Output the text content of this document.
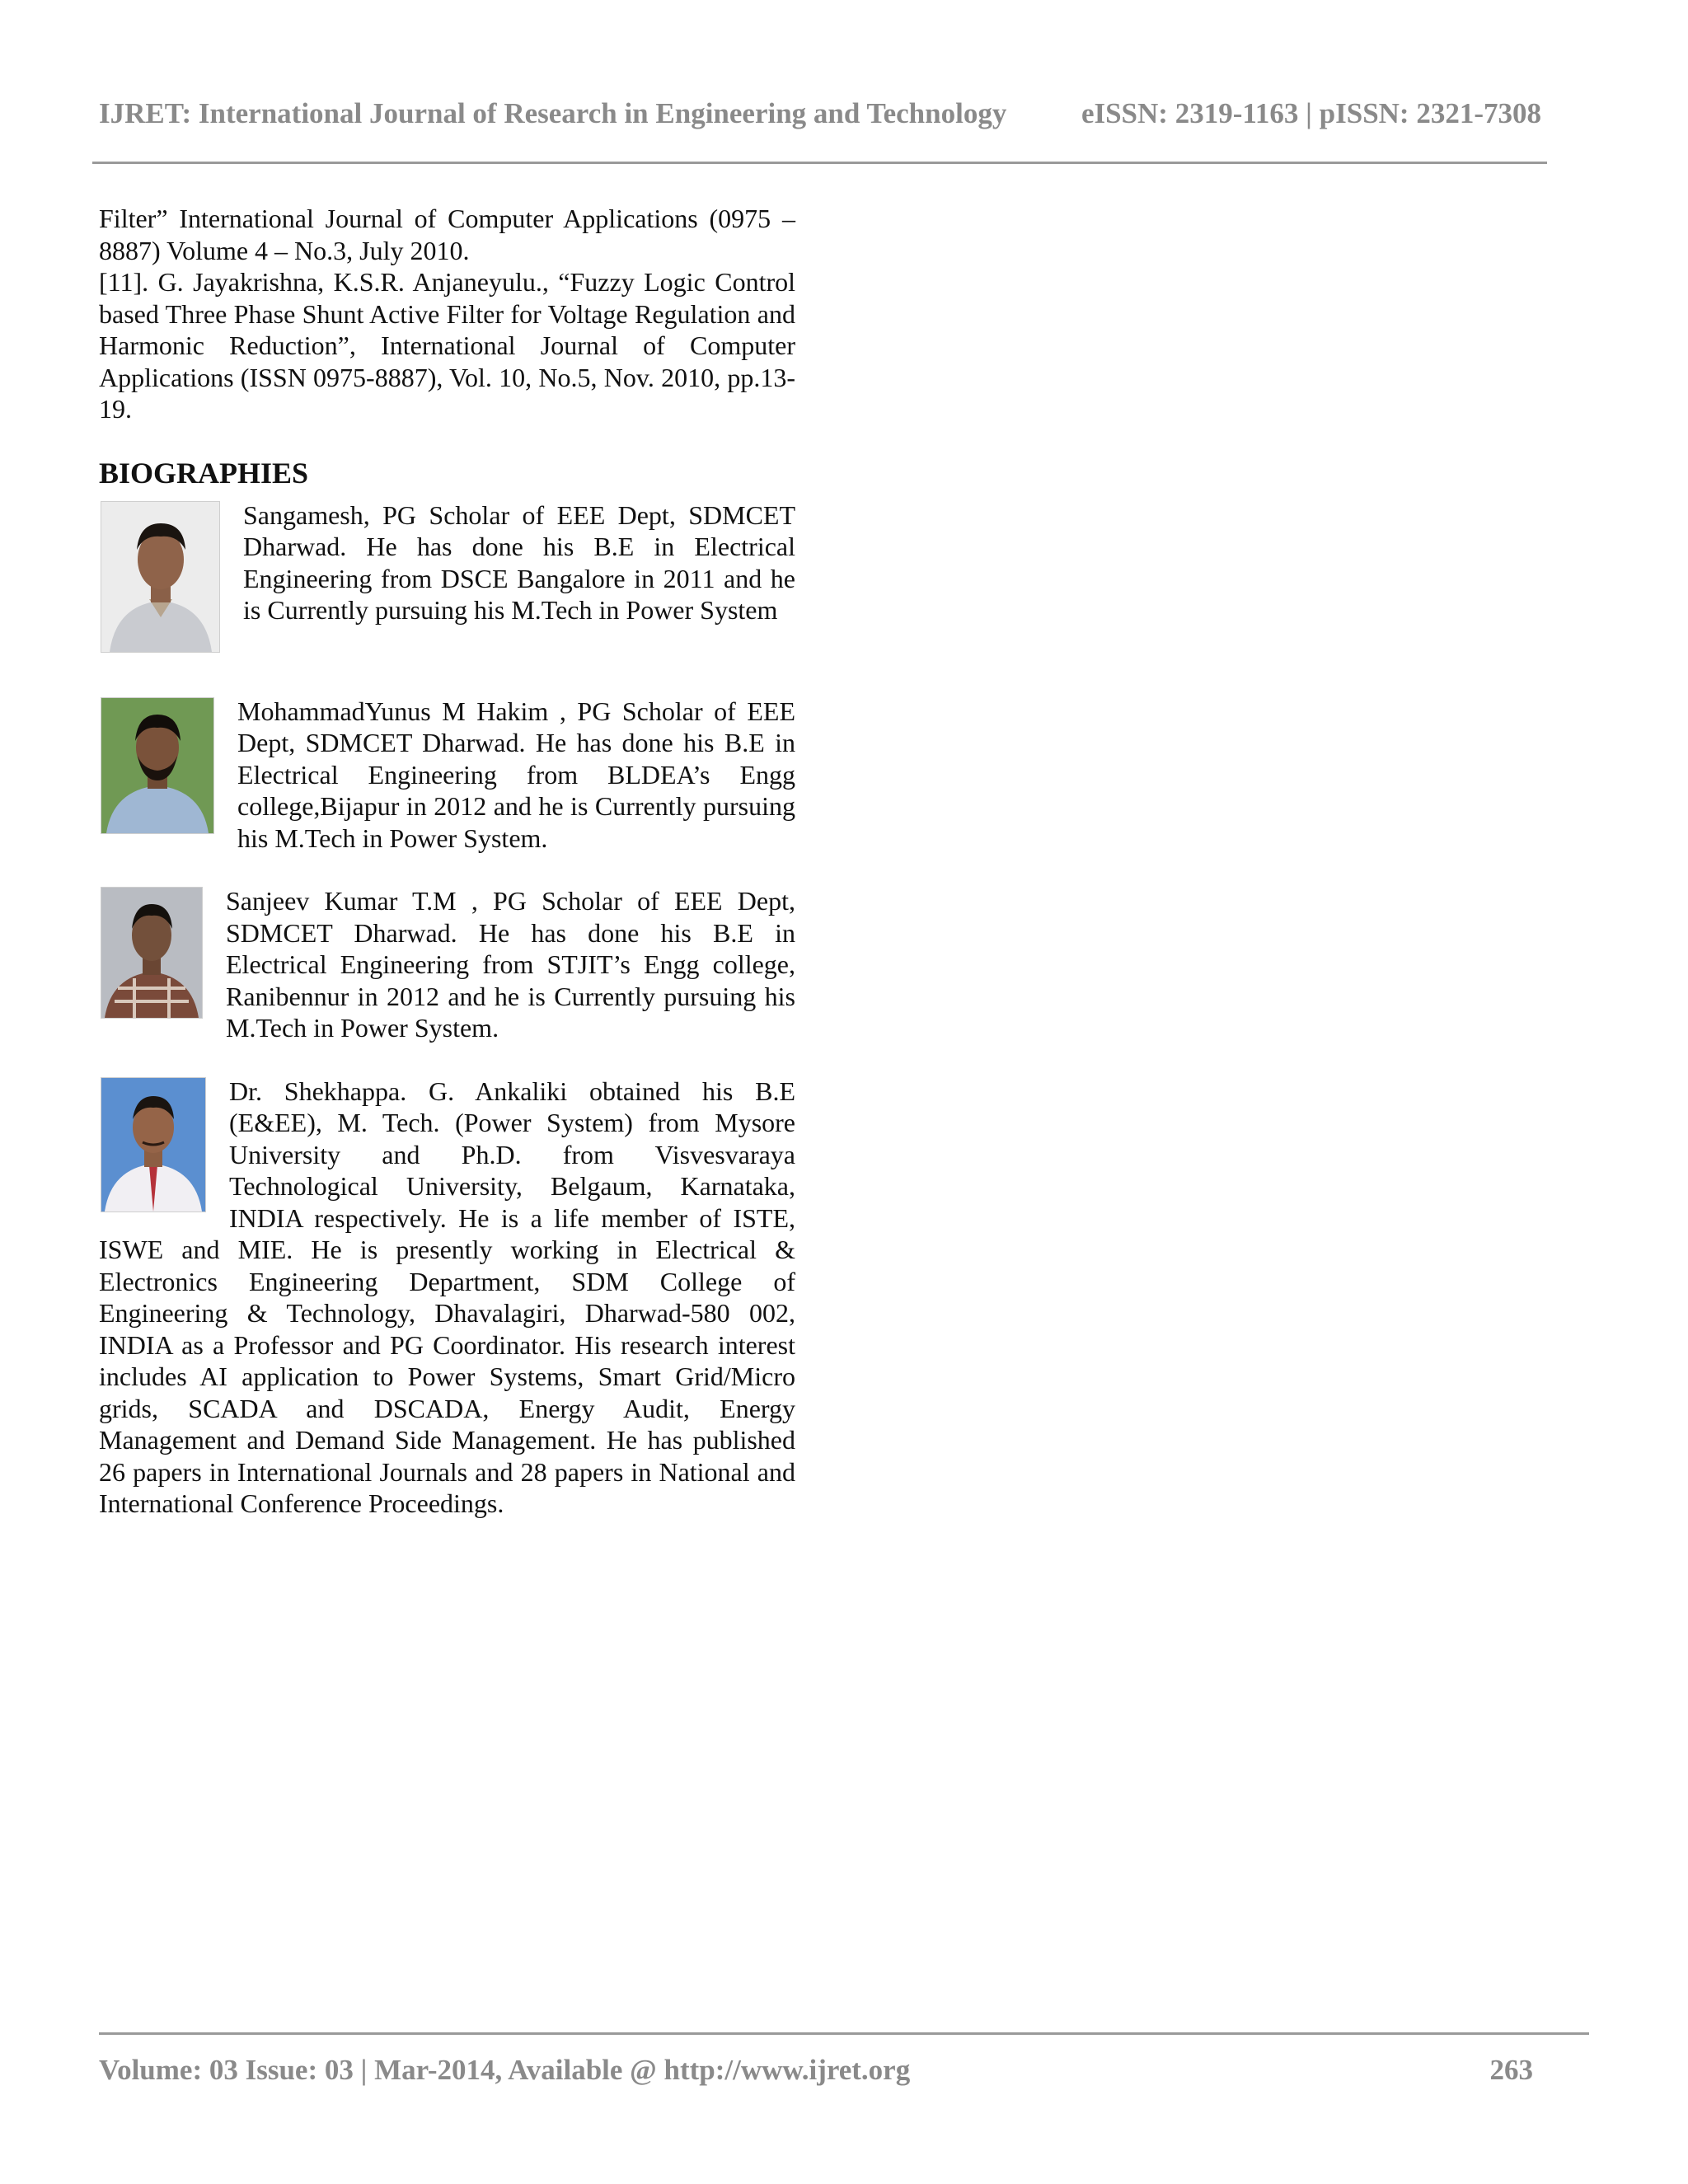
IJRET: International Journal of Research in Engineering and Technology	eISSN: 2319-1163 | pISSN: 2321-7308

Filter” International Journal of Computer Applications (0975 – 8887) Volume 4 – No.3, July 2010.

[11]. G. Jayakrishna, K.S.R. Anjaneyulu., “Fuzzy Logic Control based Three Phase Shunt Active Filter for Voltage Regulation and Harmonic Reduction”, International Journal of Computer Applications (ISSN 0975-8887), Vol. 10, No.5, Nov. 2010, pp.13-19.

BIOGRAPHIES
Sangamesh, PG Scholar of EEE Dept, SDMCET Dharwad. He has done his B.E in Electrical Engineering from DSCE Bangalore in 2011 and he is Currently pursuing his M.Tech in Power System
MohammadYunus M Hakim , PG Scholar of EEE Dept, SDMCET Dharwad. He has done his B.E in Electrical Engineering from BLDEA’s Engg college,Bijapur in 2012 and he is Currently pursuing his M.Tech in Power System.
Sanjeev Kumar T.M , PG Scholar of EEE Dept, SDMCET Dharwad. He has done his B.E in Electrical Engineering from STJIT’s Engg college, Ranibennur in 2012 and he is Currently pursuing his M.Tech in Power System.
Dr. Shekhappa. G. Ankaliki obtained his B.E (E&EE), M. Tech. (Power System) from Mysore University and Ph.D. from Visvesvaraya Technological University, Belgaum, Karnataka, INDIA respectively. He is a life member of ISTE, ISWE and MIE. He is presently working in Electrical & Electronics Engineering Department, SDM College of Engineering & Technology, Dhavalagiri, Dharwad-580 002, INDIA as a Professor and PG Coordinator. His research interest includes AI application to Power Systems, Smart Grid/Micro grids, SCADA and DSCADA, Energy Audit, Energy Management and Demand Side Management. He has published 26 papers in International Journals and 28 papers in National and International Conference Proceedings.
Volume: 03 Issue: 03 | Mar-2014, Available @ http://www.ijret.org	263
